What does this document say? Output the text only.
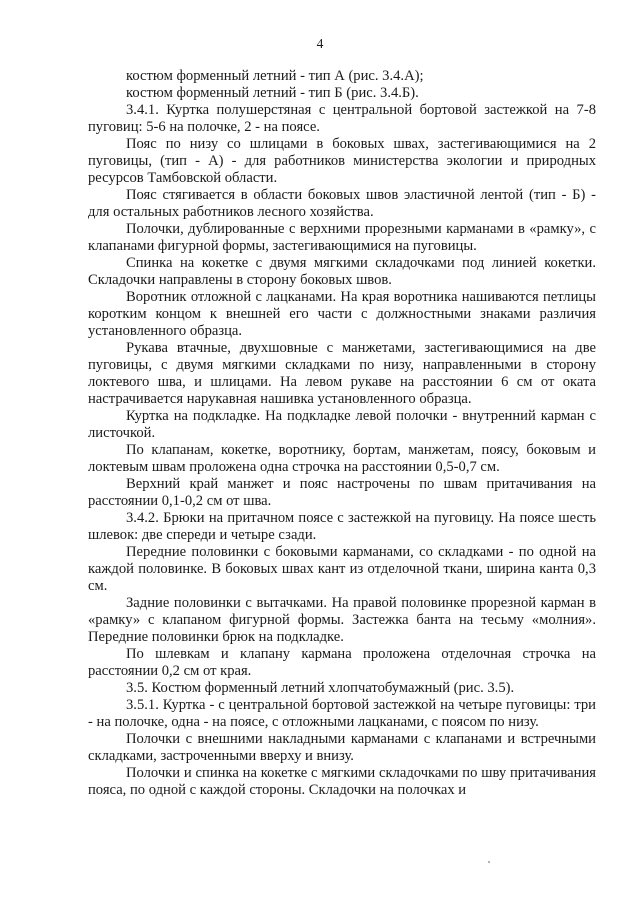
4

костюм форменный летний - тип А (рис. 3.4.А);

костюм форменный летний - тип Б (рис. 3.4.Б).

3.4.1. Куртка полушерстяная с центральной бортовой застежкой на 7-8 пуговиц: 5-6 на полочке, 2 - на поясе.

Пояс по низу со шлицами в боковых швах, застегивающимися на 2 пуговицы, (тип - А) - для работников министерства экологии и природных ресурсов Тамбовской области.

Пояс стягивается в области боковых швов эластичной лентой (тип - Б) - для остальных работников лесного хозяйства.

Полочки, дублированные с верхними прорезными карманами в «рамку», с клапанами фигурной формы, застегивающимися на пуговицы.

Спинка на кокетке с двумя мягкими складочками под линией кокетки. Складочки направлены в сторону боковых швов.

Воротник отложной с лацканами. На края воротника нашиваются петлицы коротким концом к внешней его части с должностными знаками различия установленного образца.

Рукава втачные, двухшовные с манжетами, застегивающимися на две пуговицы, с двумя мягкими складками по низу, направленными в сторону локтевого шва, и шлицами. На левом рукаве на расстоянии 6 см от оката настрачивается нарукавная нашивка установленного образца.

Куртка на подкладке. На подкладке левой полочки - внутренний карман с листочкой.

По клапанам, кокетке, воротнику, бортам, манжетам, поясу, боковым и локтевым швам проложена одна строчка на расстоянии 0,5-0,7 см.

Верхний край манжет и пояс настрочены по швам притачивания на расстоянии 0,1-0,2 см от шва.

3.4.2. Брюки на притачном поясе с застежкой на пуговицу. На поясе шесть шлевок: две спереди и четыре сзади.

Передние половинки с боковыми карманами, со складками - по одной на каждой половинке. В боковых швах кант из отделочной ткани, ширина канта 0,3 см.

Задние половинки с вытачками. На правой половинке прорезной карман в «рамку» с клапаном фигурной формы. Застежка банта на тесьму «молния». Передние половинки брюк на подкладке.

По шлевкам и клапану кармана проложена отделочная строчка на расстоянии 0,2 см от края.

3.5. Костюм форменный летний хлопчатобумажный (рис. 3.5).

3.5.1. Куртка - с центральной бортовой застежкой на четыре пуговицы: три - на полочке, одна - на поясе, с отложными лацканами, с поясом по низу.

Полочки с внешними накладными карманами с клапанами и встречными складками, застроченными вверху и внизу.

Полочки и спинка на кокетке с мягкими складочками по шву притачивания пояса, по одной с каждой стороны. Складочки на полочках и
